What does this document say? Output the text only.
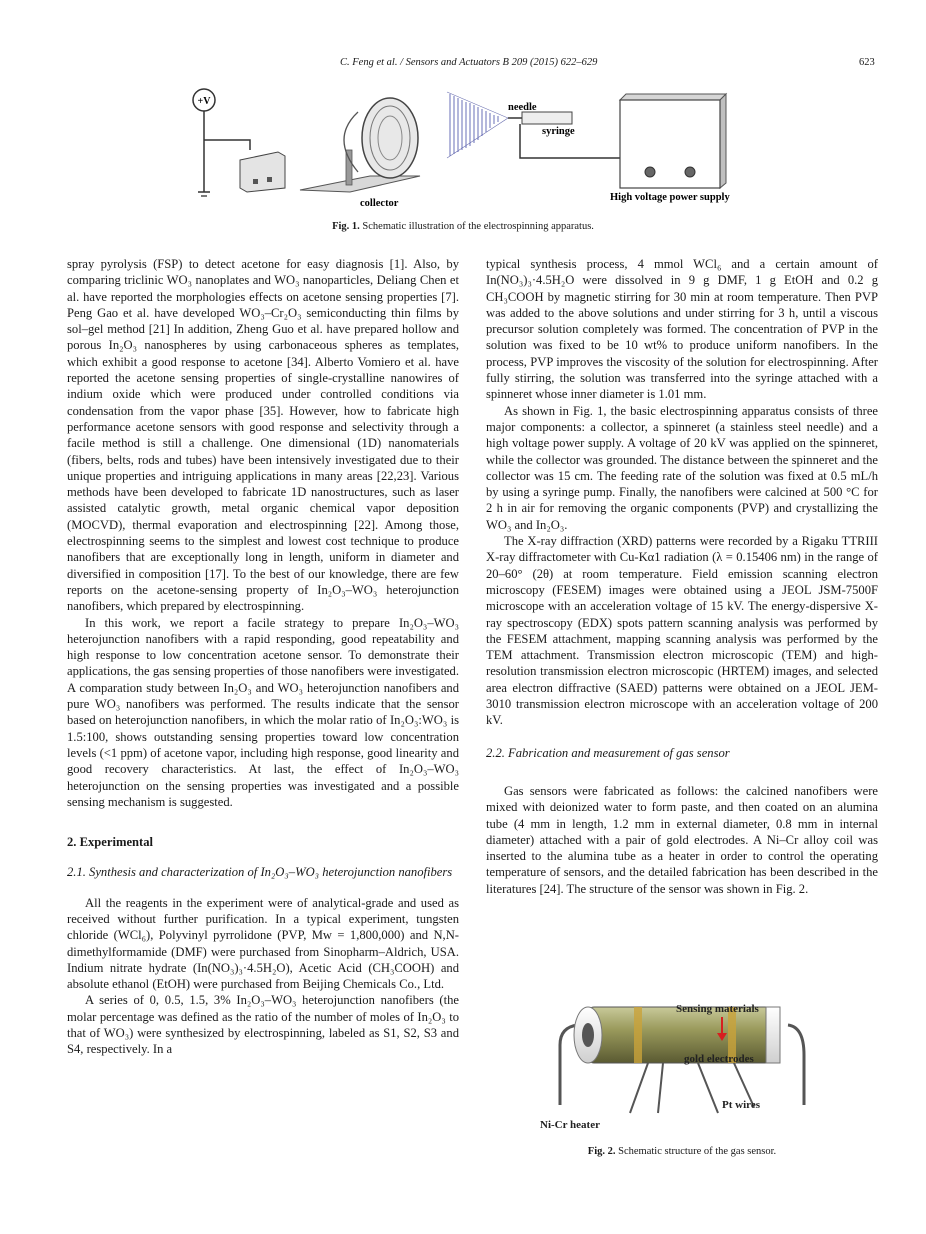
C. Feng et al. / Sensors and Actuators B 209 (2015) 622–629	623
+V
collector
needle
syringe
High voltage power supply
Fig. 1. Schematic illustration of the electrospinning apparatus.

spray pyrolysis (FSP) to detect acetone for easy diagnosis [1]. Also, by comparing triclinic WO₃ nanoplates and WO₃ nanoparticles, Deliang Chen et al. have reported the morphologies effects on acetone sensing properties [7]. Peng Gao et al. have developed WO₃–Cr₂O₃ semiconducting thin films by sol–gel method [21] In addition, Zheng Guo et al. have prepared hollow and porous In₂O₃ nanospheres by using carbonaceous spheres as templates, which exhibit a good response to acetone [34]. Alberto Vomiero et al. have reported the acetone sensing properties of single-crystalline nanowires of indium oxide which were produced under controlled conditions via condensation from the vapor phase [35]. However, how to fabricate high performance acetone sensors with good response and selectivity through a facile method is still a challenge. One dimensional (1D) nanomaterials (fibers, belts, rods and tubes) have been intensively investigated due to their unique properties and intriguing applications in many areas [22,23]. Various methods have been developed to fabricate 1D nanostructures, such as laser assisted catalytic growth, metal organic chemical vapor deposition (MOCVD), thermal evaporation and electrospinning [22]. Among those, electrospinning seems to the simplest and lowest cost technique to produce nanofibers that are exceptionally long in length, uniform in diameter and diversified in composition [17]. To the best of our knowledge, there are few reports on the acetone-sensing property of In₂O₃–WO₃ heterojunction nanofibers, which prepared by electrospinning.

In this work, we report a facile strategy to prepare In₂O₃–WO₃ heterojunction nanofibers with a rapid responding, good repeatability and high response to low concentration acetone sensor. To demonstrate their applications, the gas sensing properties of those nanofibers were investigated. A comparation study between In₂O₃ and WO₃ heterojunction nanofibers and pure WO₃ nanofibers was performed. The results indicate that the sensor based on heterojunction nanofibers, in which the molar ratio of In₂O₃:WO₃ is 1.5:100, shows outstanding sensing properties toward low concentration levels (<1 ppm) of acetone vapor, including high response, good linearity and good recovery characteristics. At last, the effect of In₂O₃–WO₃ heterojunction on the sensing properties was investigated and a possible sensing mechanism is suggested.

2. Experimental

2.1. Synthesis and characterization of In₂O₃–WO₃ heterojunction nanofibers

All the reagents in the experiment were of analytical-grade and used as received without further purification. In a typical experiment, tungsten chloride (WCl₆), Polyvinyl pyrrolidone (PVP, Mw = 1,800,000) and N,N-dimethylformamide (DMF) were purchased from Sinopharm–Aldrich, USA. Indium nitrate hydrate (In(NO₃)₃·4.5H₂O), Acetic Acid (CH₃COOH) and absolute ethanol (EtOH) were purchased from Beijing Chemicals Co., Ltd.

A series of 0, 0.5, 1.5, 3% In₂O₃–WO₃ heterojunction nanofibers (the molar percentage was defined as the ratio of the number of moles of In₂O₃ to that of WO₃) were synthesized by electrospinning, labeled as S1, S2, S3 and S4, respectively. In a

typical synthesis process, 4 mmol WCl₆ and a certain amount of In(NO₃)₃·4.5H₂O were dissolved in 9 g DMF, 1 g EtOH and 0.2 g CH₃COOH by magnetic stirring for 30 min at room temperature. Then PVP was added to the above solutions and under stirring for 3 h, until a viscous precursor solution completely was formed. The concentration of PVP in the solution was fixed to be 10 wt% to produce uniform nanofibers. In the process, PVP improves the viscosity of the solution for electrospinning. After fully stirring, the solution was transferred into the syringe attached with a spinneret whose inner diameter is 1.01 mm.

As shown in Fig. 1, the basic electrospinning apparatus consists of three major components: a collector, a spinneret (a stainless steel needle) and a high voltage power supply. A voltage of 20 kV was applied on the spinneret, while the collector was grounded. The distance between the spinneret and the collector was 15 cm. The feeding rate of the solution was fixed at 0.5 mL/h by using a syringe pump. Finally, the nanofibers were calcined at 500 °C for 2 h in air for removing the organic components (PVP) and crystallizing the WO₃ and In₂O₃.

The X-ray diffraction (XRD) patterns were recorded by a Rigaku TTRIII X-ray diffractometer with Cu-Kα1 radiation (λ = 0.15406 nm) in the range of 20–60° (2θ) at room temperature. Field emission scanning electron microscopy (FESEM) images were obtained using a JEOL JSM-7500F microscope with an acceleration voltage of 15 kV. The energy-dispersive X-ray spectroscopy (EDX) spots pattern scanning analysis was performed by the FESEM attachment, mapping scanning analysis was performed by the TEM attachment. Transmission electron microscopic (TEM) and high-resolution transmission electron microscopic (HRTEM) images, and selected area electron diffractive (SAED) patterns were obtained on a JEOL JEM-3010 transmission electron microscope with an acceleration voltage of 200 kV.

2.2. Fabrication and measurement of gas sensor

Gas sensors were fabricated as follows: the calcined nanofibers were mixed with deionized water to form paste, and then coated on an alumina tube (4 mm in length, 1.2 mm in external diameter, 0.8 mm in internal diameter) attached with a pair of gold electrodes. A Ni–Cr alloy coil was inserted to the alumina tube as a heater in order to control the operating temperature of sensors, and the detailed fabrication has been described in the literatures [24]. The structure of the sensor was shown in Fig. 2.

Sensing materials
gold electrodes
Pt wires
Ni-Cr heater
Fig. 2. Schematic structure of the gas sensor.
